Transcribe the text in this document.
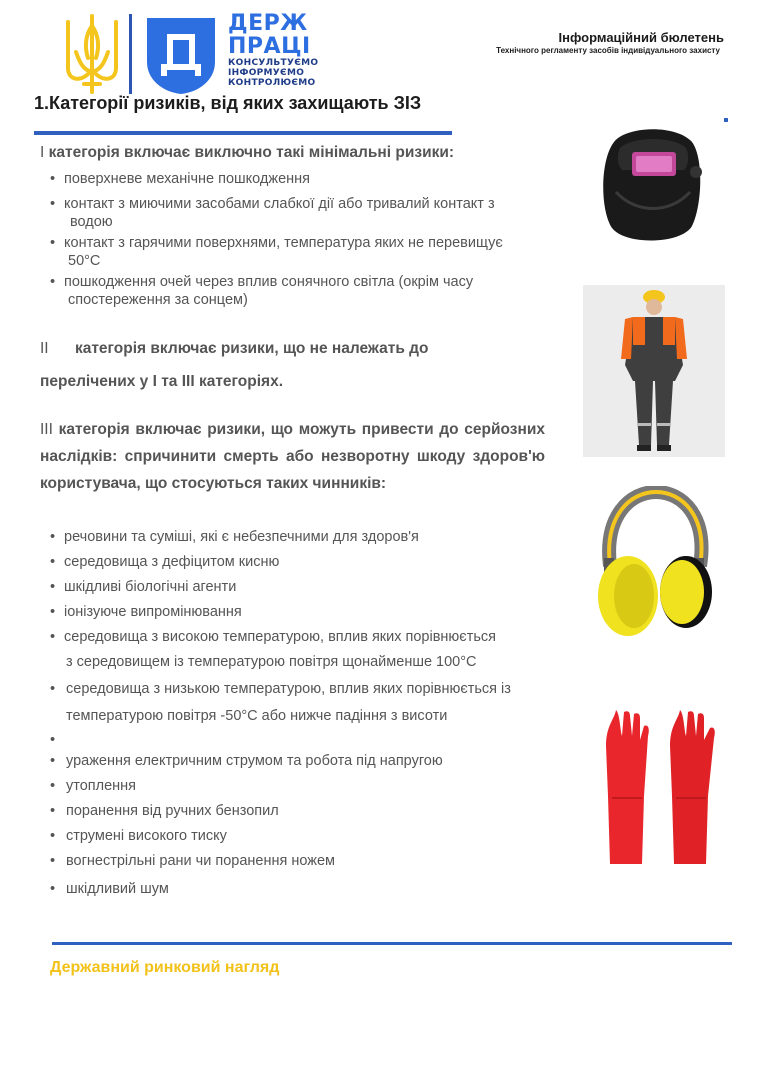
ДЕРЖ
ПРАЦІ
КОНСУЛЬТУЄМО
ІНФОРМУЄМО
КОНТРОЛЮЄМО
Інформаційний бюлетень
Технічного регламенту засобів індивідуального захисту
1.Категорії ризиків, від яких захищають ЗІЗ
I категорія включає виключно такі мінімальні ризики:
• поверхневе механічне пошкодження
• контакт з миючими засобами слабкої дії або тривалий контакт з
водою
• контакт з гарячими поверхнями, температура яких не перевищує
50°C
• пошкодження очей через вплив сонячного світла (окрім часу
спостереження за сонцем)
II категорія включає ризики, що не належать до
перелічених у І та ІІІ категоріях.
III категорія включає ризики, що можуть привести до серйозних наслідків: спричинити смерть або незворотну шкоду здоров'ю користувача, що стосуються таких чинників:
• речовини та суміші, які є небезпечними для здоров'я
• середовища з дефіцитом кисню
• шкідливі біологічні агенти
• іонізуюче випромінювання
• середовища з високою температурою, вплив яких порівнюється
з середовищем із температурою повітря щонайменше 100°C
• середовища з низькою температурою, вплив яких порівнюється із
температурою повітря -50°C або нижче падіння з висоти
•
• ураження електричним струмом та робота під напругою
• утоплення
• поранення від ручних бензопил
• струмені високого тиску
• вогнестрільні рани чи поранення ножем
• шкідливий шум
Державний ринковий нагляд
